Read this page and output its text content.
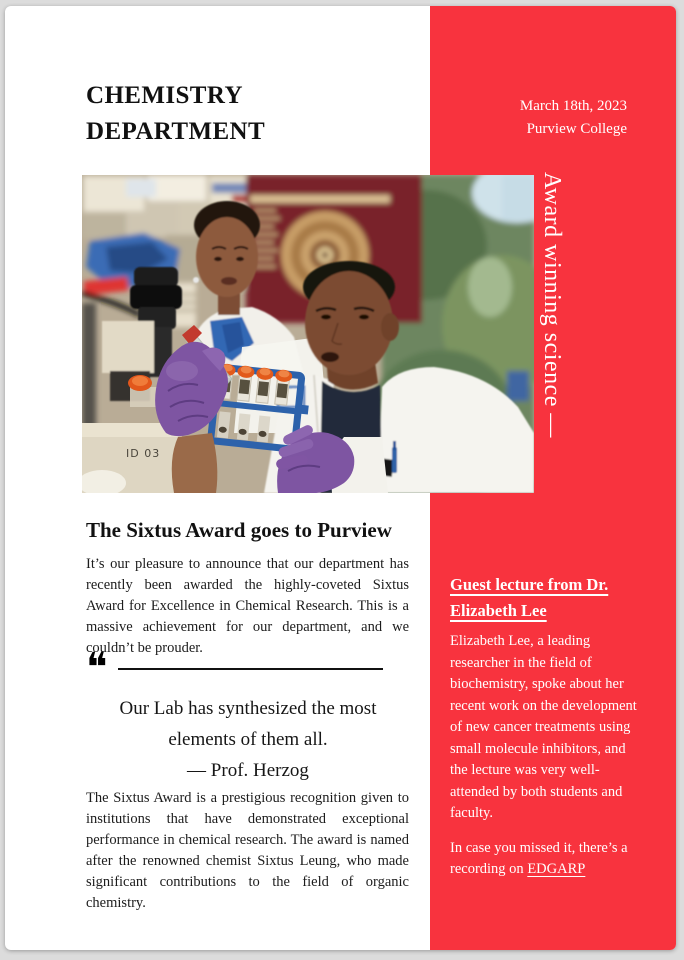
CHEMISTRY
DEPARTMENT
March 18th, 2023
Purview College
ID 03
Award winning science —
The Sixtus Award goes to Purview

It’s our pleasure to announce that our department has recently been awarded the highly-coveted Sixtus Award for Excellence in Chemical Research. This is a massive achievement for our department, and we couldn’t be prouder.

❝
Our Lab has synthesized the most elements of them all.
— Prof. Herzog

The Sixtus Award is a prestigious recognition given to institutions that have demonstrated exceptional performance in chemical research. The award is named after the renowned chemist Sixtus Leung, who made significant contributions to the field of organic chemistry.

Guest lecture from Dr. Elizabeth Lee

Elizabeth Lee, a leading researcher in the field of biochemistry, spoke about her recent work on the development of new cancer treatments using small molecule inhibitors, and the lecture was very well-attended by both students and faculty.

In case you missed it, there’s a recording on EDGARP
